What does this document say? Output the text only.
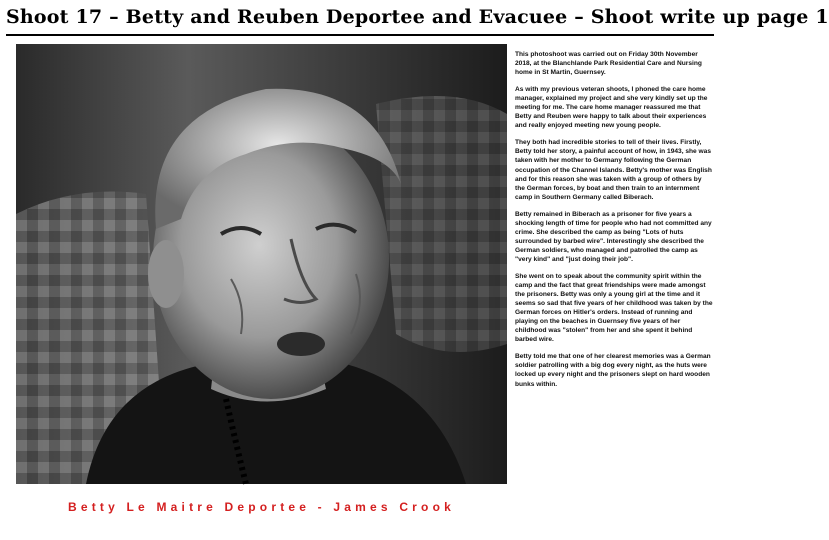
Shoot 17 – Betty and Reuben Deportee and Evacuee – Shoot write up page 1
Betty Le Maitre Deportee - James Crook

This photoshoot was carried out on Friday 30th November 2018, at the Blanchlande Park Residential Care and Nursing home in St Martin, Guernsey.

As with my previous veteran shoots, I phoned the care home manager, explained my project and she very kindly set up the meeting for me. The care home manager reassured me that Betty and Reuben were happy to talk about their experiences and really enjoyed meeting new young people.

They both had incredible stories to tell of their lives. Firstly, Betty told her story, a painful account of how, in 1943, she was taken with her mother to Germany following the German occupation of the Channel Islands. Betty's mother was English and for this reason she was taken with a group of others by the German forces, by boat and then train to an internment camp in Southern Germany called Biberach.

Betty remained in Biberach as a prisoner for five years a shocking length of time for people who had not committed any crime. She described the camp as being "Lots of huts surrounded by barbed wire". Interestingly she described the German soldiers, who managed and patrolled the camp as "very kind" and "just doing their job".

She went on to speak about the community spirit within the camp and the fact that great friendships were made amongst the prisoners. Betty was only a young girl at the time and it seems so sad that five years of her childhood was taken by the German forces on Hitler's orders. Instead of running and playing on the beaches in Guernsey five years of her childhood was "stolen" from her and she spent it behind barbed wire.

Betty told me that one of her clearest memories was a German soldier patrolling with a big dog every night, as the huts were locked up every night and the prisoners slept on hard wooden bunks within.
